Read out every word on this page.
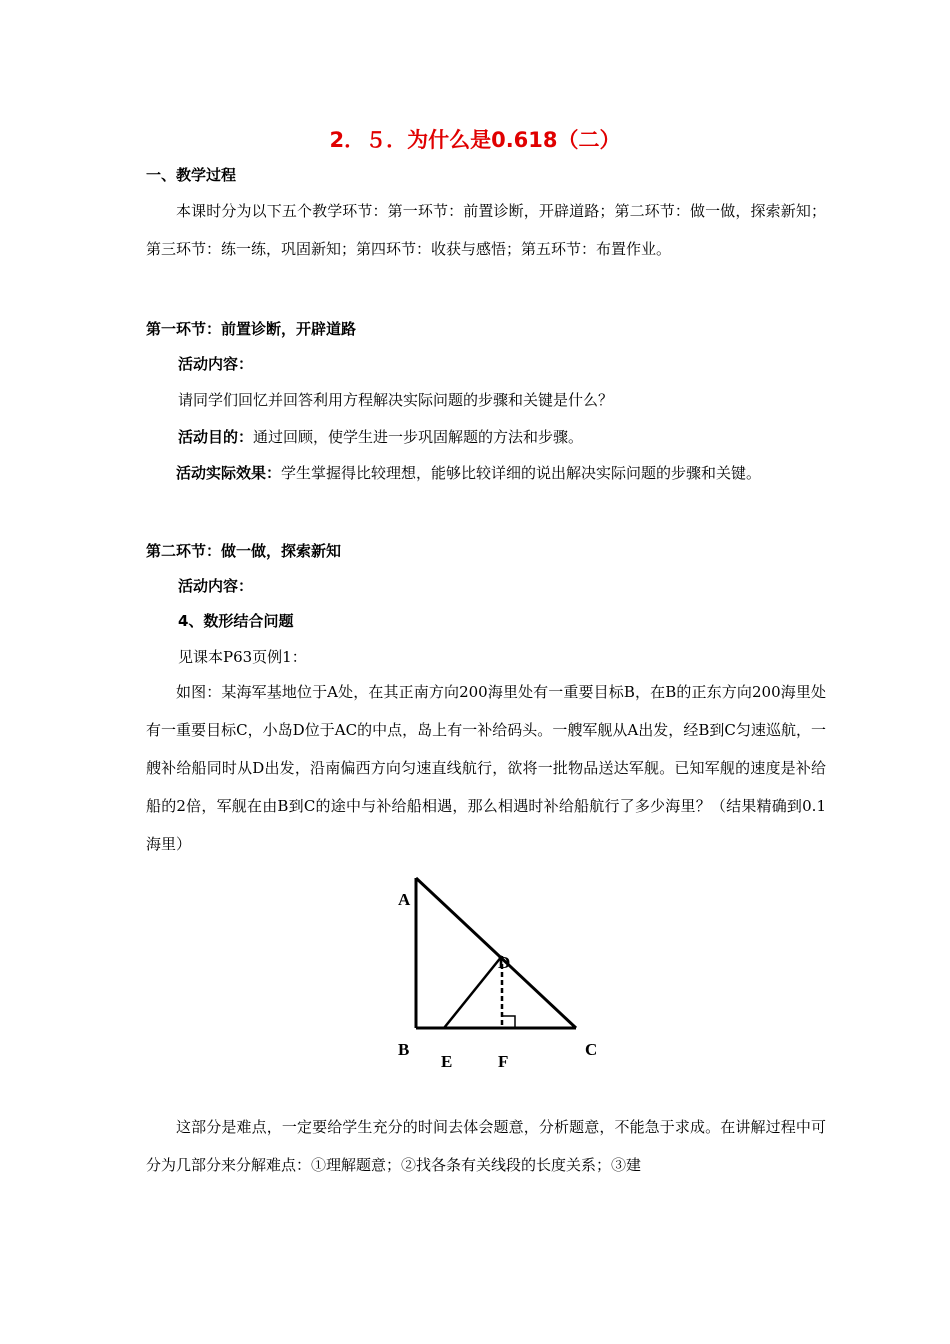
2．５．为什么是0.618（二）
一、教学过程
本课时分为以下五个教学环节：第一环节：前置诊断，开辟道路；第二环节：做一做，探索新知；第三环节：练一练，巩固新知；第四环节：收获与感悟；第五环节：布置作业。
第一环节：前置诊断，开辟道路
活动内容：
请同学们回忆并回答利用方程解决实际问题的步骤和关键是什么？
活动目的：通过回顾，使学生进一步巩固解题的方法和步骤。
活动实际效果：学生掌握得比较理想，能够比较详细的说出解决实际问题的步骤和关键。
第二环节：做一做，探索新知
活动内容：
4、数形结合问题
见课本P63页例1：
如图：某海军基地位于A处，在其正南方向200海里处有一重要目标B，在B的正东方向200海里处有一重要目标C，小岛D位于AC的中点，岛上有一补给码头。一艘军舰从A出发，经B到C匀速巡航，一艘补给船同时从D出发，沿南偏西方向匀速直线航行，欲将一批物品送达军舰。已知军舰的速度是补给船的2倍，军舰在由B到C的途中与补给船相遇，那么相遇时补给船航行了多少海里？（结果精确到0.1海里）
A
D
B
E	F
C
这部分是难点，一定要给学生充分的时间去体会题意，分析题意，不能急于求成。在讲解过程中可分为几部分来分解难点：①理解题意；②找各条有关线段的长度关系；③建
